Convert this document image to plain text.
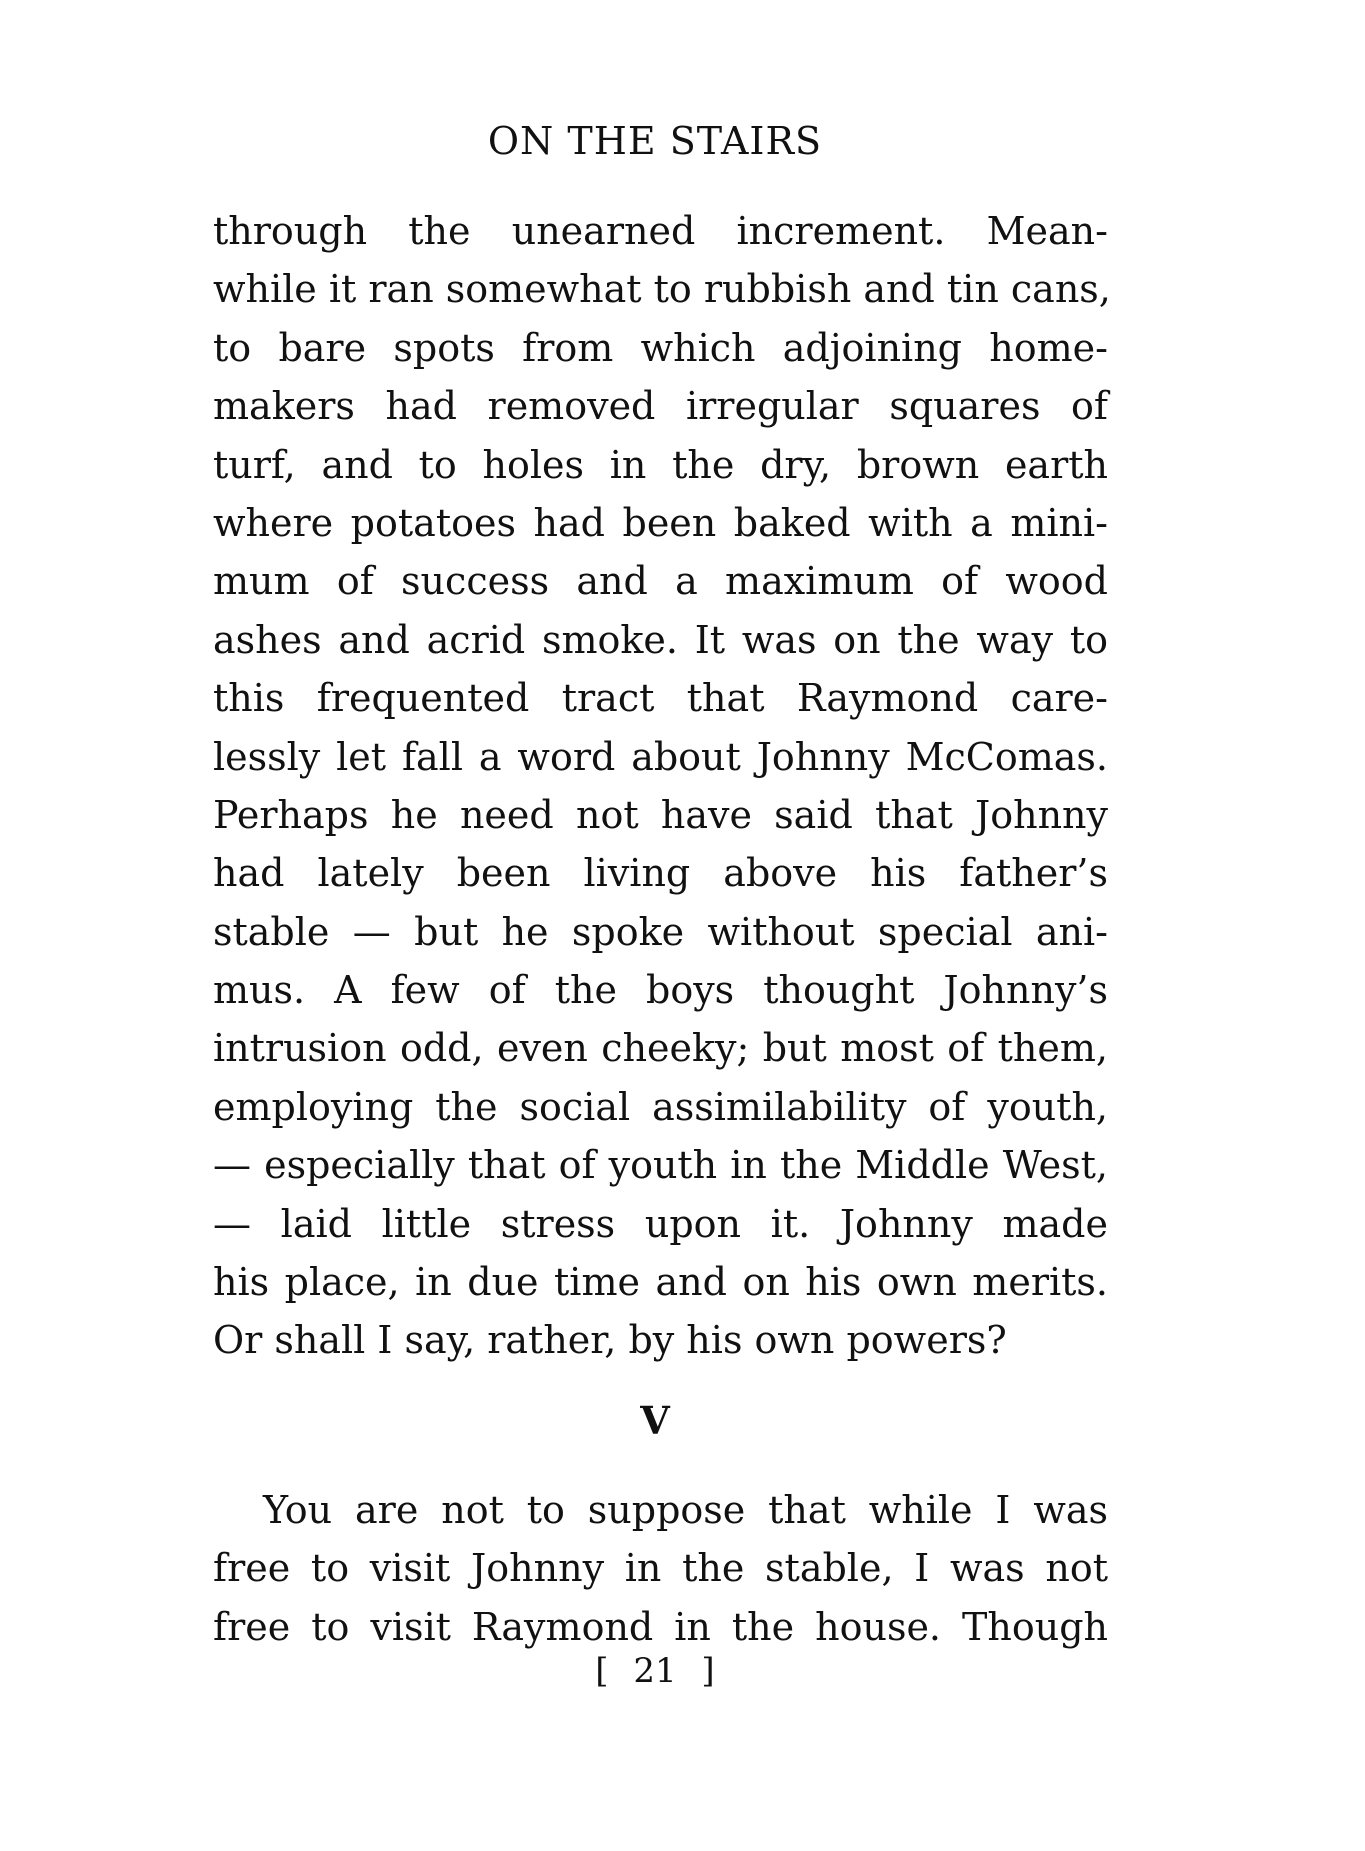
ON THE STAIRS
through the unearned increment. Mean-
while it ran somewhat to rubbish and tin cans,
to bare spots from which adjoining home-
makers had removed irregular squares of
turf, and to holes in the dry, brown earth
where potatoes had been baked with a mini-
mum of success and a maximum of wood
ashes and acrid smoke. It was on the way to
this frequented tract that Raymond care-
lessly let fall a word about Johnny McComas.
Perhaps he need not have said that Johnny
had lately been living above his father’s
stable — but he spoke without special ani-
mus. A few of the boys thought Johnny’s
intrusion odd, even cheeky; but most of them,
employing the social assimilability of youth,
— especially that of youth in the Middle West,
— laid little stress upon it. Johnny made
his place, in due time and on his own merits.
Or shall I say, rather, by his own powers?
V
You are not to suppose that while I was
free to visit Johnny in the stable, I was not
free to visit Raymond in the house. Though
[ 21 ]
